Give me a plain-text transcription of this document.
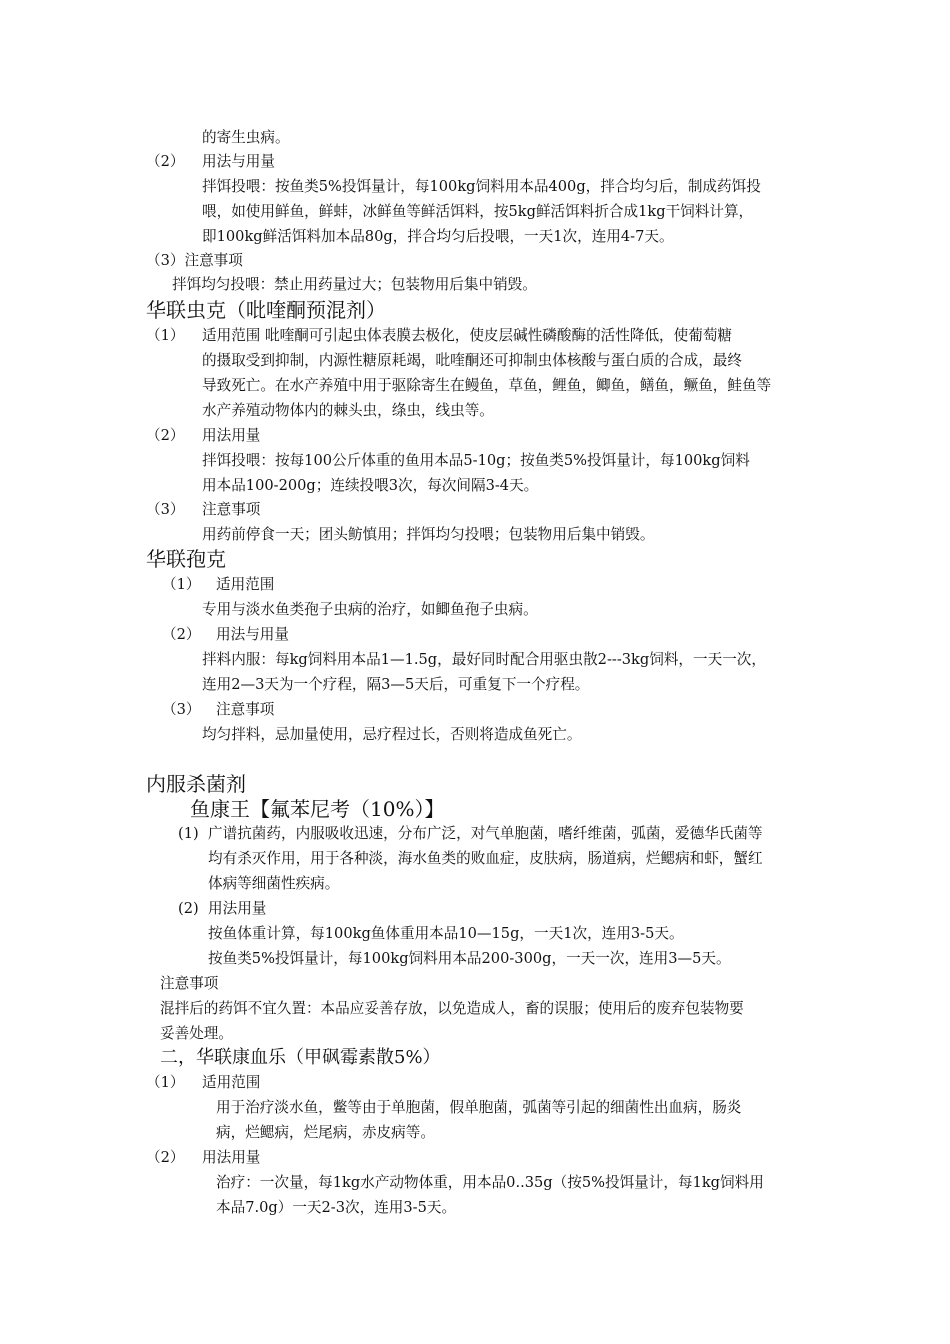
的寄生虫病。
（2） 用法与用量
拌饵投喂：按鱼类5%投饵量计，每100kg饲料用本品400g，拌合均匀后，制成药饵投
喂，如使用鲜鱼，鲜蚌，冰鲜鱼等鲜活饵料，按5kg鲜活饵料折合成1kg干饲料计算，
即100kg鲜活饵料加本品80g，拌合均匀后投喂，一天1次，连用4-7天。
（3）注意事项
拌饵均匀投喂：禁止用药量过大；包装物用后集中销毁。
华联虫克（吡喹酮预混剂）
（1） 适用范围 吡喹酮可引起虫体表膜去极化，使皮层碱性磷酸酶的活性降低，使葡萄糖
的摄取受到抑制，内源性糖原耗竭，吡喹酮还可抑制虫体核酸与蛋白质的合成，最终
导致死亡。在水产养殖中用于驱除寄生在鳗鱼，草鱼，鲤鱼，鲫鱼，鳝鱼，鳜鱼，鲑鱼等
水产养殖动物体内的棘头虫，绦虫，线虫等。
（2） 用法用量
拌饵投喂：按每100公斤体重的鱼用本品5-10g；按鱼类5%投饵量计，每100kg饲料
用本品100-200g；连续投喂3次，每次间隔3-4天。
（3） 注意事项
用药前停食一天；团头鲂慎用；拌饵均匀投喂；包装物用后集中销毁。
华联孢克
（1） 适用范围
专用与淡水鱼类孢子虫病的治疗，如鲫鱼孢子虫病。
（2） 用法与用量
拌料内服：每kg饲料用本品1—1.5g，最好同时配合用驱虫散2---3kg饲料，一天一次，
连用2—3天为一个疗程，隔3—5天后，可重复下一个疗程。
（3） 注意事项
均匀拌料，忌加量使用，忌疗程过长，否则将造成鱼死亡。
内服杀菌剂
鱼康王【氟苯尼考（10%）】
(1) 广谱抗菌药，内服吸收迅速，分布广泛，对气单胞菌，嗜纤维菌，弧菌，爱德华氏菌等
均有杀灭作用，用于各种淡，海水鱼类的败血症，皮肤病，肠道病，烂鳃病和虾，蟹红
体病等细菌性疾病。
(2) 用法用量
按鱼体重计算，每100kg鱼体重用本品10—15g，一天1次，连用3-5天。
按鱼类5%投饵量计，每100kg饲料用本品200-300g，一天一次，连用3—5天。
注意事项
混拌后的药饵不宜久置：本品应妥善存放，以免造成人，畜的误服；使用后的废弃包装物要
妥善处理。
二，华联康血乐（甲砜霉素散5%）
（1） 适用范围
用于治疗淡水鱼，鳖等由于单胞菌，假单胞菌，弧菌等引起的细菌性出血病，肠炎
病，烂鳃病，烂尾病，赤皮病等。
（2） 用法用量
治疗：一次量，每1kg水产动物体重，用本品0..35g（按5%投饵量计，每1kg饲料用
本品7.0g）一天2-3次，连用3-5天。
